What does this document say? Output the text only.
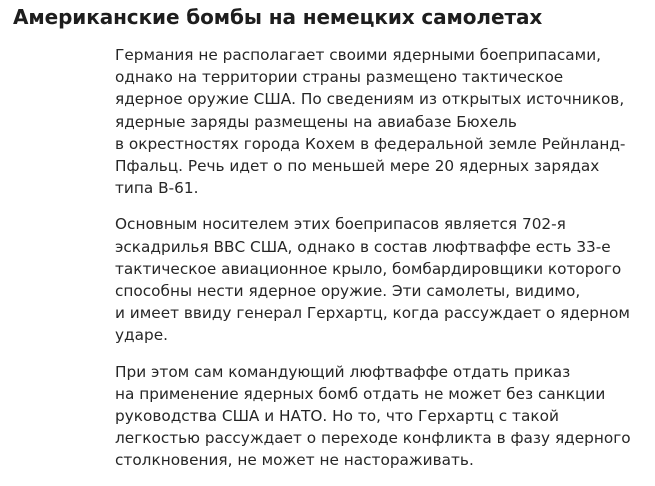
Американские бомбы на немецких самолетах

Германия не располагает своими ядерными боеприпасами,
однако на территории страны размещено тактическое
ядерное оружие США. По сведениям из открытых источников,
ядерные заряды размещены на авиабазе Бюхель
в окрестностях города Кохем в федеральной земле Рейнланд-
Пфальц. Речь идет о по меньшей мере 20 ядерных зарядах
типа B-61.

Основным носителем этих боеприпасов является 702-я
эскадрилья ВВС США, однако в состав люфтваффе есть 33-е
тактическое авиационное крыло, бомбардировщики которого
способны нести ядерное оружие. Эти самолеты, видимо,
и имеет ввиду генерал Герхартц, когда рассуждает о ядерном
ударе.

При этом сам командующий люфтваффе отдать приказ
на применение ядерных бомб отдать не может без санкции
руководства США и НАТО. Но то, что Герхартц с такой
легкостью рассуждает о переходе конфликта в фазу ядерного
столкновения, не может не настораживать.
